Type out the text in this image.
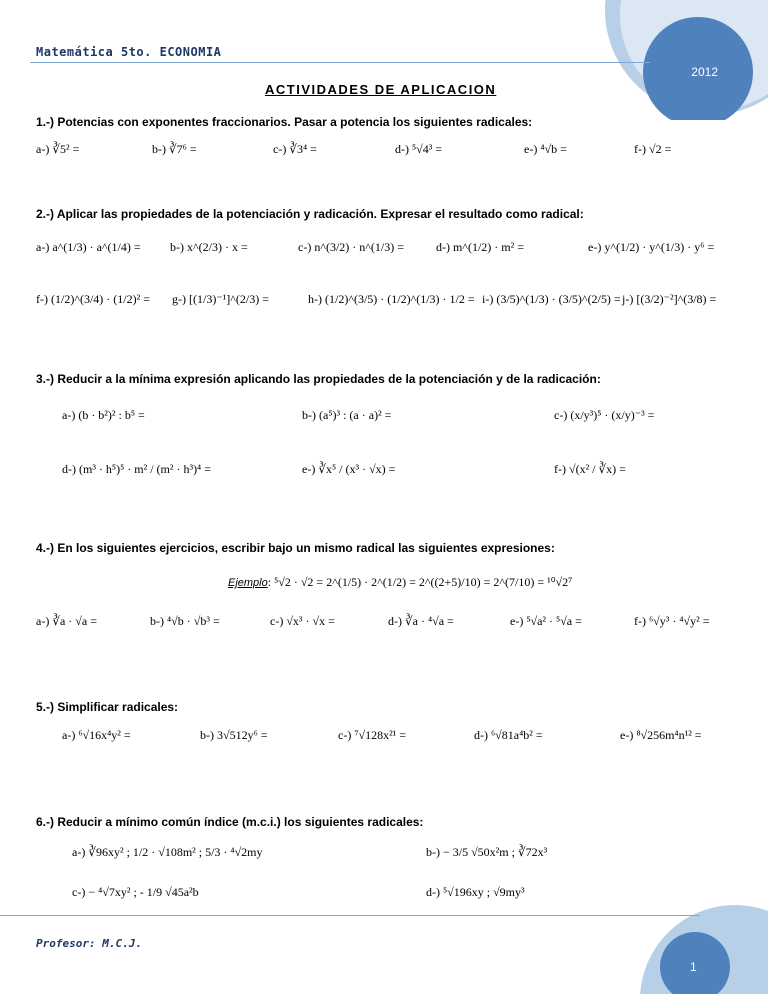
Matemática 5to. ECONOMIA
2012
ACTIVIDADES DE APLICACION
1.-) Potencias con exponentes fraccionarios. Pasar a potencia los siguientes radicales:
a-) ∛5² =	b-) ∛7⁶ =	c-) ∛3⁴ =	d-) ⁵√4³ =	e-) ⁴√b =	f-) √2 =
2.-) Aplicar las propiedades de la potenciación y radicación. Expresar el resultado como radical:
a-) a^(1/3) · a^(1/4) = b-) x^(2/3) · x =	c-) n^(3/2) · n^(1/3) =	d-) m^(1/2) · m² =	e-) y^(1/2) · y^(1/3) · y⁶ =
f-) (1/2)^(3/4) · (1/2)² = g-) [(1/3)⁻¹]^(2/3) =	h-) (1/2)^(3/5) · (1/2)^(1/3) · 1/2 = i-) (3/5)^(1/3) · (3/5)^(2/5) = j-) [(3/2)⁻²]^(3/8) =
3.-) Reducir a la mínima expresión aplicando las propiedades de la potenciación y de la radicación:
a-) (b · b²)² : b⁵ =	b-) (a⁵)³ : (a · a)² =	c-) (x/y³)⁵ · (x/y)⁻³ =
d-) (m³ · h⁵)⁵ · m² / (m² · h³)⁴ =	e-) ∛x⁵ / (x³ · √x) =	f-) √(x² / ∛x) =
4.-) En los siguientes ejercicios, escribir bajo un mismo radical las siguientes expresiones:
Ejemplo: ⁵√2 · √2 = 2^(1/5) · 2^(1/2) = 2^((2+5)/10) = 2^(7/10) = ¹⁰√2⁷
a-) ∛a · √a =	b-) ⁴√b · √b³ =	c-) √x³ · √x =	d-) ∛a · ⁴√a =	e-) ⁵√a² · ⁵√a =	f-) ⁶√y³ · ⁴√y² =
5.-) Simplificar radicales:
a-) ⁶√16x⁴y² =	b-) 3√512y⁶ =	c-) ⁷√128x²¹ =	d-) ⁶√81a⁴b² =	e-) ⁸√256m⁴n¹² =
6.-) Reducir a mínimo común índice (m.c.i.) los siguientes radicales:
a-) ∛96xy² ; 1/2 · √108m² ; 5/3 · ⁴√2my	b-) − 3/5 √50x²m ; ∛72x³
c-) − ⁴√7xy² ; - 1/9 √45a²b	d-) ⁵√196xy ; √9my³
Profesor: M.C.J.
1
